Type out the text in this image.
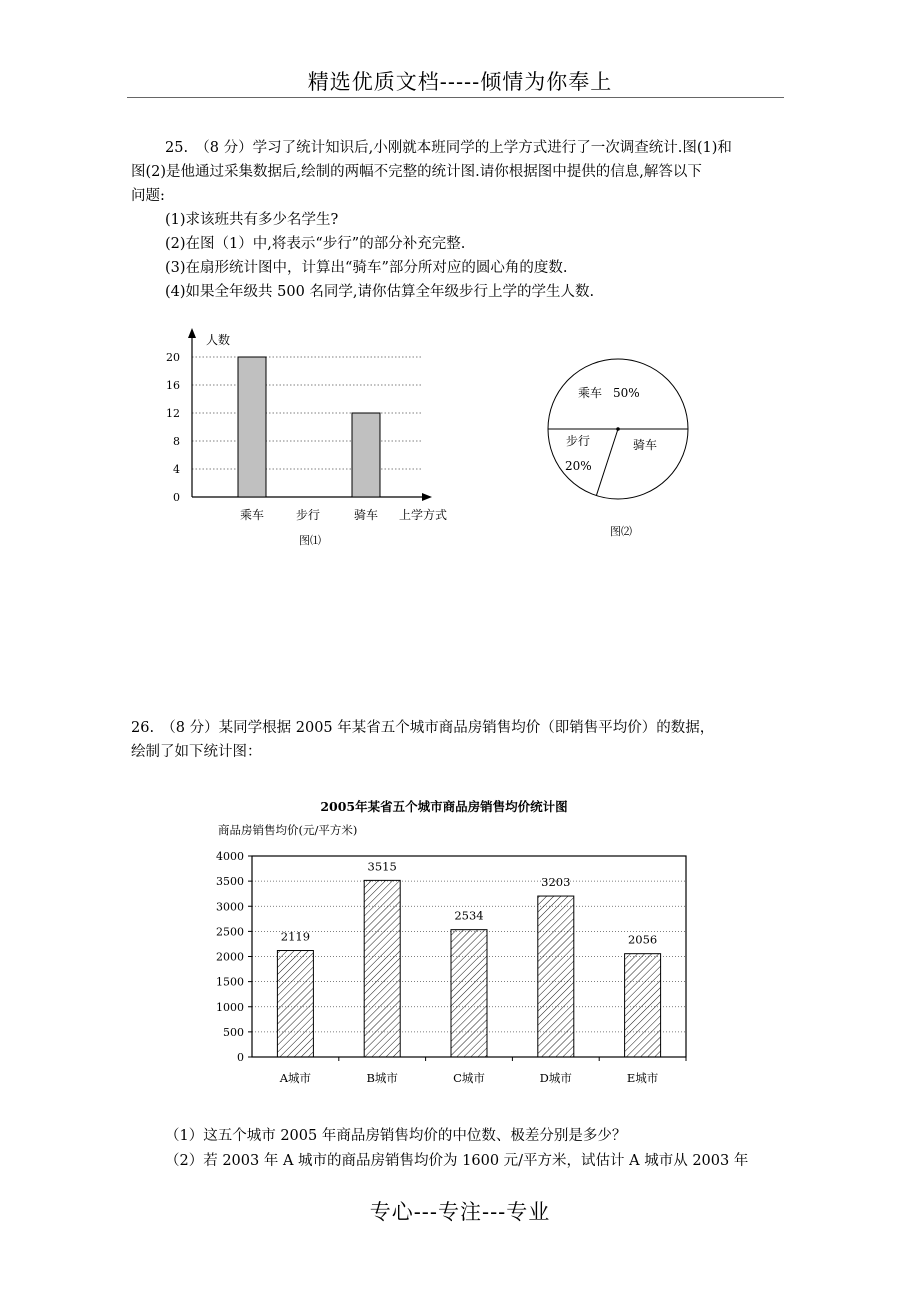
精选优质文档-----倾情为你奉上
25.　（8 分）学习了统计知识后,小刚就本班同学的上学方式进行了一次调查统计.图(1)和
图(2)是他通过采集数据后,绘制的两幅不完整的统计图.请你根据图中提供的信息,解答以下
问题:
(1)求该班共有多少名学生?
(2)在图（1）中,将表示“步行”的部分补充完整.
(3)在扇形统计图中，计算出“骑车”部分所对应的圆心角的度数.
(4)如果全年级共 500 名同学,请你估算全年级步行上学的学生人数.
0
4
8
12
16
20
人数
上学方式
乘车	步行	骑车
图⑴
乘车 50%
步行
20%
骑车
图⑵
26.　（8 分）某同学根据 2005 年某省五个城市商品房销售均价（即销售平均价）的数据，
绘制了如下统计图：
2005年某省五个城市商品房销售均价统计图
商品房销售均价(元/平方米)
0
500
1000
1500
2000
2500
3000
3500
4000
2119
A城市
3515
B城市
2534
C城市
3203
D城市
2056
E城市
（1）这五个城市 2005 年商品房销售均价的中位数、极差分别是多少？
（2）若 2003 年 A 城市的商品房销售均价为 1600 元/平方米，试估计 A 城市从 2003 年
专心---专注---专业
